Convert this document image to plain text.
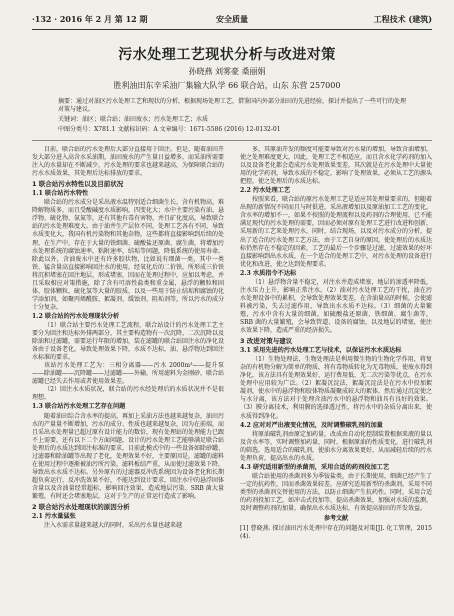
·132 · 2016 年 2 月 第 12 期	安全质量	工程技术 (建筑)
污水处理工艺现状分析与改进对策
孙晓燕 刘雾豪 桑丽娟
胜利油田东辛采油厂集输大队学 66 联合站，山东 东营 257000
摘要：通过对油区污水处理工艺和现状的分析，根据现场处理工艺，借鉴国内外部分油田的先进经验，探讨并提出了一些可行的处理对策与建议。
关键词：油区；联合站；油田废水；污水处理工艺；水质
中图分类号：X781.1 文献标识码：A 文章编号：1671-5586 (2016) 12-0132-01

目前，联合站的污水处理后大部分直接用于回注。但是，随着油田开发大部分进入高含水采油期，油田废水的产生量日益增多，而采油所需要注入的水量却在不断减少，污水处理的要求也越来越高，为保障联合站的污水水质效果，其处理后达标排放的要求。

1 联合站污水特性以及目前状况
1.1 联合站污水特性

联合站的污水成分是采出液水温特别适合细菌生长，含有机物高，难降解物质多，而且受酸碱度水质影响，四变化大；水中主要污染有油、悬浮物、硫化物、氨氮等，还有其他有毒有害物，并且矿化度高，导致联合站的污水处理难度大。由于油井生产层位不同，处理工艺各有不同，导致水质变化大，我国有机污染物和其他杂物，这些都将直接影响到后续的处理，在生产中，存在于大量的铁细菌、硫酸盐还原菌、腐生菌，将增加污水处理系统的腐蚀速率，粘附速率，结垢等问题，降低系统的使用寿命。除此以外，含油废水中还有许多胶状物，比如说有细菌一类，其中一类铁、锰含量高直接影响回注水的使用，经氧化后的二价铁，所形成三价铁将沉积堵塞在回注地层，形成堵塞，因而在处理过程中，应加以考虑，并且采取相应对策措施，除了含有可溶性盐类和重金属，悬浮的颗粒和固体，胶体颗粒，硫化氢等大量的胶质，以及一些用于防止结垢和腐蚀的化学添加剂，如聚丙烯酰胺、絮凝剂、缓蚀剂、阻垢剂等，所以污水的成分十分复杂。

1.2 联合站的污水处理现状分析

（1）联合站主要污水处理工艺流程，联合站设计的污水处理工艺主要分为回注和达标外排两部分，其主要构造物有一次沉降、二次沉降以及除油和过滤罐，需要运行年限的增加，装在滤罐的联合站回注水的净化设备由于设备老化，导致处理效果下降，水质不达标，油、悬浮物达到回注水标准的要求。

该站污水处理工艺为：三相分离器——污水 2000m³——提升泵——除油罐——沉降罐——过滤罐——外输，所用滤料为金刚砂，联合站滤罐已经失去作用或者使用效果差。

（2）回注水水质状况，联合站的污水经处理后的水质状况并不是很理想。

1.3 联合站污水处理工艺存在问题

随着油田综合含水率的提高，再加上采油方法也越来越复杂，油田污水的产量量不断增加，污水的成分、性质也越来越复杂，因为在前端，而且采出水处理量已超过原有设计能力的数倍，现有处理站的处理能力已跟不上需要，还有以下二个方面问题，设计的污水处理工艺能够满足联合站处理后的水质达到回注标准的要求，目前此模式中的一些设备如除砂罐、过滤器和除油罐等出现了老化，处理效果不好，主要原因是，滤罐的滤料在使用过程中逐渐被油污所污染，滤料板结严重，从而使过滤效果下降，导致出水水质不达标。另外原有的过滤器反冲洗系统因为设备老化和长期超负荷运行，反冲洗效果不好，不能达到设计要求，回注水中的悬浮固体含量以及含油量经常超标，影响回注效果，造成地层污染、SRB 菌大量繁殖，有时还会堵塞地层，这对于生产的正常运行造成了影响。

2 联合站污水处理现状的原因分析
2.1 污水量猛张

注入水需求量越来越大的同时，采出污水量也越来越

多，其原油开发的频度可能要导致对污水量的增加，导致含油增加，使之处理难度更大，因此，处理工艺不相适应，而且含水化学药剂的加入以及设备老化都会造成污水处理效果变差，其次就是在污水处理中大量使用的化学药剂，导致水质的不稳定，影响了处理效果，必须从工艺的源头把控，使之处理后的水质达标。

2.2 污水处理工艺

按照来看，联合站的原污水处理工艺是适应其处理量要求的，但随着出现的新情况不同而且与时俱进，采出液增加以及原油加工工艺的变化，含水率的增加不一，如果不按照的处理流程以及药剂的合理使用，已不能满足现代的污水处理的需要，因而必须对原有处理工艺进行改进和创新，采用新的工艺来处理污水，同时，结合现场，以及对污水成分的分析，提出了适合的污水处理工艺方法，由于工艺自身的原因，使处理后的水质达标仍然存在不稳定的因素，工艺的最后一个步骤是过滤，过滤效果的好坏直接影响到出水水质，在一个适合的处理工艺中，对污水处理的设备进行优化和改进，使之达到处理要求。

2.3 水质指令不达标

（1）悬浮物含量不稳定，对注水井造成堵塞，地层的渗透率降低，注水压力上升，影响正常注水。（2）油对污水处理工艺的干扰，油在污水处理设备中的累积，会导致处理效果变差，在含油量高的时候，会使滤料被污染，失去过滤作用，导致出水水质不达标。（3）细菌的大量繁殖，污水中含有大量的细菌，如硫酸盐还原菌、铁细菌、腐生菌等，SRB 菌的大量繁殖，会导致管道、设备的腐蚀，以及地层的堵塞，使注水效果下降，造成严重的经济损失。

3 改进对策与建议
3.1 采用先进的污水处理工艺与技术，以保证污水水质达标

（1）生物处理法，生物处理法是利用微生物的生物化学作用，将复杂的有机物分解为简单的物质，将有毒物质转化为无毒物质，使废水得到净化，该方法具有处理效果好、运行费用低、无二次污染等优点，在污水处理中应用较为广泛。（2）絮凝沉淀法，絮凝沉淀法是在污水中投加絮凝剂，使水中的悬浮物和胶体物质凝聚成较大的絮体，然后通过沉淀使之与水分离，该方法对于处理含油污水中的悬浮物和油具有良好的效果。（3）膜分离技术，利用膜的选择透过性，将污水中的杂质分离出来，使水质得到净化。

4.2 应对对严出液变化情况，及时调整破乳剂的加量

将原油破乳剂由原定加药量，改成由自动化控制装置根据来液的量以及含水率等，实时调整加药量，同时，根据原油的性质变化，进行破乳剂的筛选，选用适合的破乳剂，使油水分离效果更好，从而减轻后续的污水处理负荷，提高出水的水质。

4.3 研究适用新型的杀菌剂，采用合适的药剂投加工艺

联合站使用的杀菌剂多为季铵盐类，由于长期使用，细菌已经产生了一定的抗药性，因而杀菌效果较差，应研究适用新型的杀菌剂，采用不同类型的杀菌剂交替使用的方法，以防止细菌产生抗药性。同时，采用合适的药剂投加工艺，如冲击式投加等，提高杀菌效果，加强对水质的监测，及时调整药剂的加量，确保出水水质达标，有效提高油田的开发效益。

参考文献

[1] 曹晓燕. 探讨油田污水处理中存在的问题及对策[J]. 化工管理，2015 (4).
